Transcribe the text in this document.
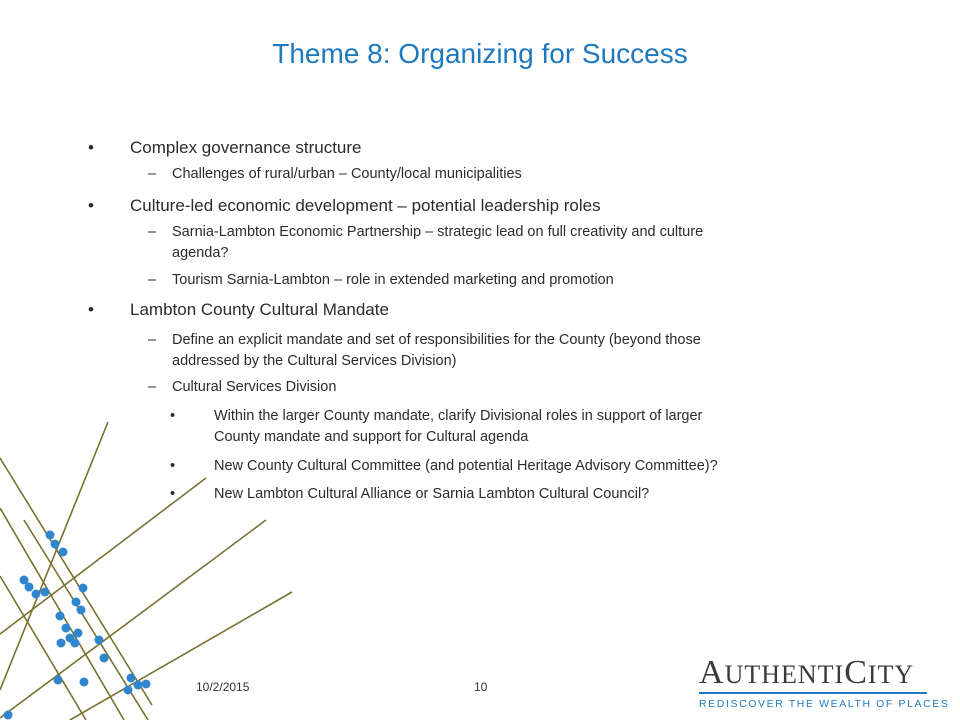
Theme 8: Organizing for Success
• Complex governance structure
– Challenges of rural/urban – County/local municipalities
• Culture-led economic development – potential leadership roles
– Sarnia-Lambton Economic Partnership – strategic lead on full creativity and culture
agenda?
– Tourism Sarnia-Lambton – role in extended marketing and promotion
• Lambton County Cultural Mandate
– Define an explicit mandate and set of responsibilities for the County (beyond those
addressed by the Cultural Services Division)
– Cultural Services Division
•	Within the larger County mandate, clarify Divisional roles in support of larger
County mandate and support for Cultural agenda
•	New County Cultural Committee (and potential Heritage Advisory Committee)?
•	New Lambton Cultural Alliance or Sarnia Lambton Cultural Council?
10/2/2015	10	AUTHENTICITY
REDISCOVER THE WEALTH OF PLACES
